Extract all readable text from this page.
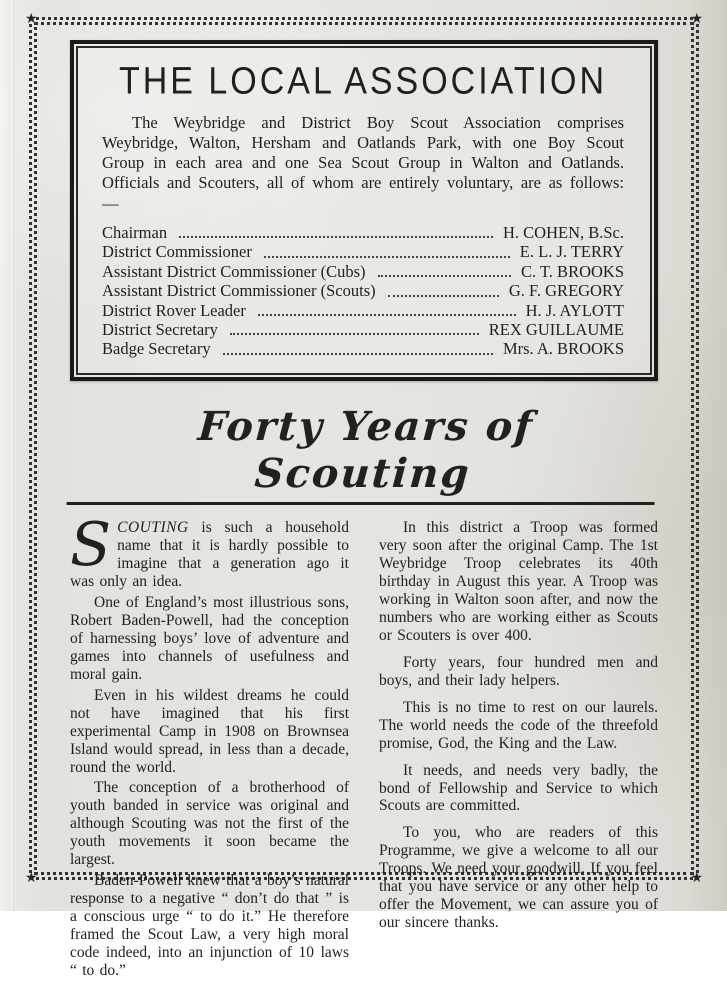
★	★
★	★
THE LOCAL ASSOCIATION

The Weybridge and District Boy Scout Association comprises Weybridge, Walton, Hersham and Oatlands Park, with one Boy Scout Group in each area and one Sea Scout Group in Walton and Oatlands. Officials and Scouters, all of whom are entirely voluntary, are as follows:—

Chairman	H. COHEN, B.Sc.
District Commissioner	E. L. J. TERRY
Assistant District Commissioner (Cubs)	C. T. BROOKS
Assistant District Commissioner (Scouts)	G. F. GREGORY
District Rover Leader	H. J. AYLOTT
District Secretary	REX GUILLAUME
Badge Secretary	Mrs. A. BROOKS
Forty Years of Scouting

SCOUTING is such a household name that it is hardly possible to imagine that a generation ago it was only an idea.

One of England’s most illustrious sons, Robert Baden-Powell, had the conception of harnessing boys’ love of adventure and games into channels of usefulness and moral gain.

Even in his wildest dreams he could not have imagined that his first experimental Camp in 1908 on Brownsea Island would spread, in less than a decade, round the world.

The conception of a brotherhood of youth banded in service was original and although Scouting was not the first of the youth movements it soon became the largest.

Baden-Powell knew that a boy’s natural response to a negative “ don’t do that ” is a conscious urge “ to do it.” He therefore framed the Scout Law, a very high moral code indeed, into an injunction of 10 laws “ to do.”

In this district a Troop was formed very soon after the original Camp. The 1st Weybridge Troop celebrates its 40th birthday in August this year. A Troop was working in Walton soon after, and now the numbers who are working either as Scouts or Scouters is over 400.

Forty years, four hundred men and boys, and their lady helpers.

This is no time to rest on our laurels. The world needs the code of the threefold promise, God, the King and the Law.

It needs, and needs very badly, the bond of Fellowship and Service to which Scouts are committed.

To you, who are readers of this Programme, we give a welcome to all our Troops. We need your goodwill. If you feel that you have service or any other help to offer the Movement, we can assure you of our sincere thanks.
